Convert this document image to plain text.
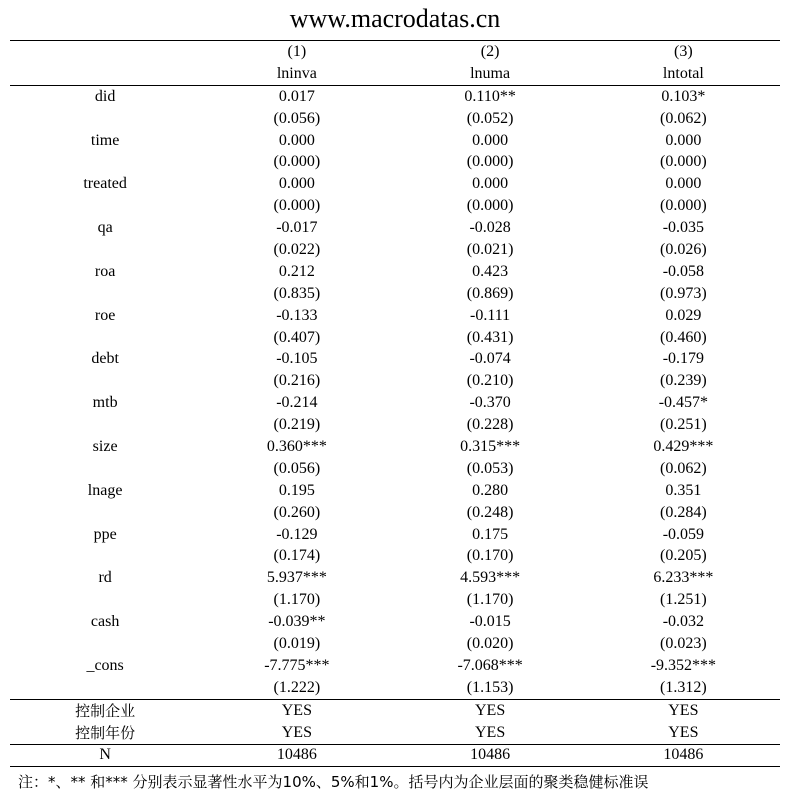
www.macrodatas.cn
	(1)	(2)	(3)
	lninva	lnuma	lntotal
did	0.017	0.110**	0.103*
	(0.056)	(0.052)	(0.062)
time	0.000	0.000	0.000
	(0.000)	(0.000)	(0.000)
treated	0.000	0.000	0.000
	(0.000)	(0.000)	(0.000)
qa	-0.017	-0.028	-0.035
	(0.022)	(0.021)	(0.026)
roa	0.212	0.423	-0.058
	(0.835)	(0.869)	(0.973)
roe	-0.133	-0.111	0.029
	(0.407)	(0.431)	(0.460)
debt	-0.105	-0.074	-0.179
	(0.216)	(0.210)	(0.239)
mtb	-0.214	-0.370	-0.457*
	(0.219)	(0.228)	(0.251)
size	0.360***	0.315***	0.429***
	(0.056)	(0.053)	(0.062)
lnage	0.195	0.280	0.351
	(0.260)	(0.248)	(0.284)
ppe	-0.129	0.175	-0.059
	(0.174)	(0.170)	(0.205)
rd	5.937***	4.593***	6.233***
	(1.170)	(1.170)	(1.251)
cash	-0.039**	-0.015	-0.032
	(0.019)	(0.020)	(0.023)
_cons	-7.775***	-7.068***	-9.352***
	(1.222)	(1.153)	(1.312)
控制企业	YES	YES	YES
控制年份	YES	YES	YES
N	10486	10486	10486
注：*、** 和*** 分别表示显著性水平为10%、5%和1%。括号内为企业层面的聚类稳健标准误
